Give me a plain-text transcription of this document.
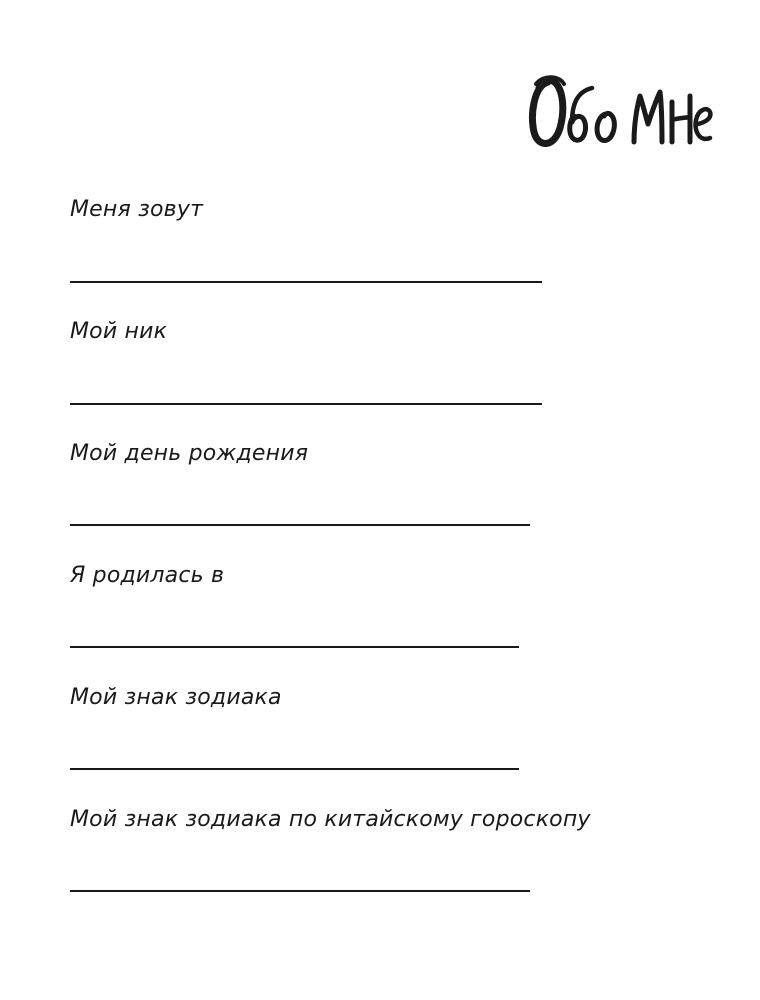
Меня зовут

Мой ник

Мой день рождения

Я родилась в

Мой знак зодиака

Мой знак зодиака по китайскому гороскопу
